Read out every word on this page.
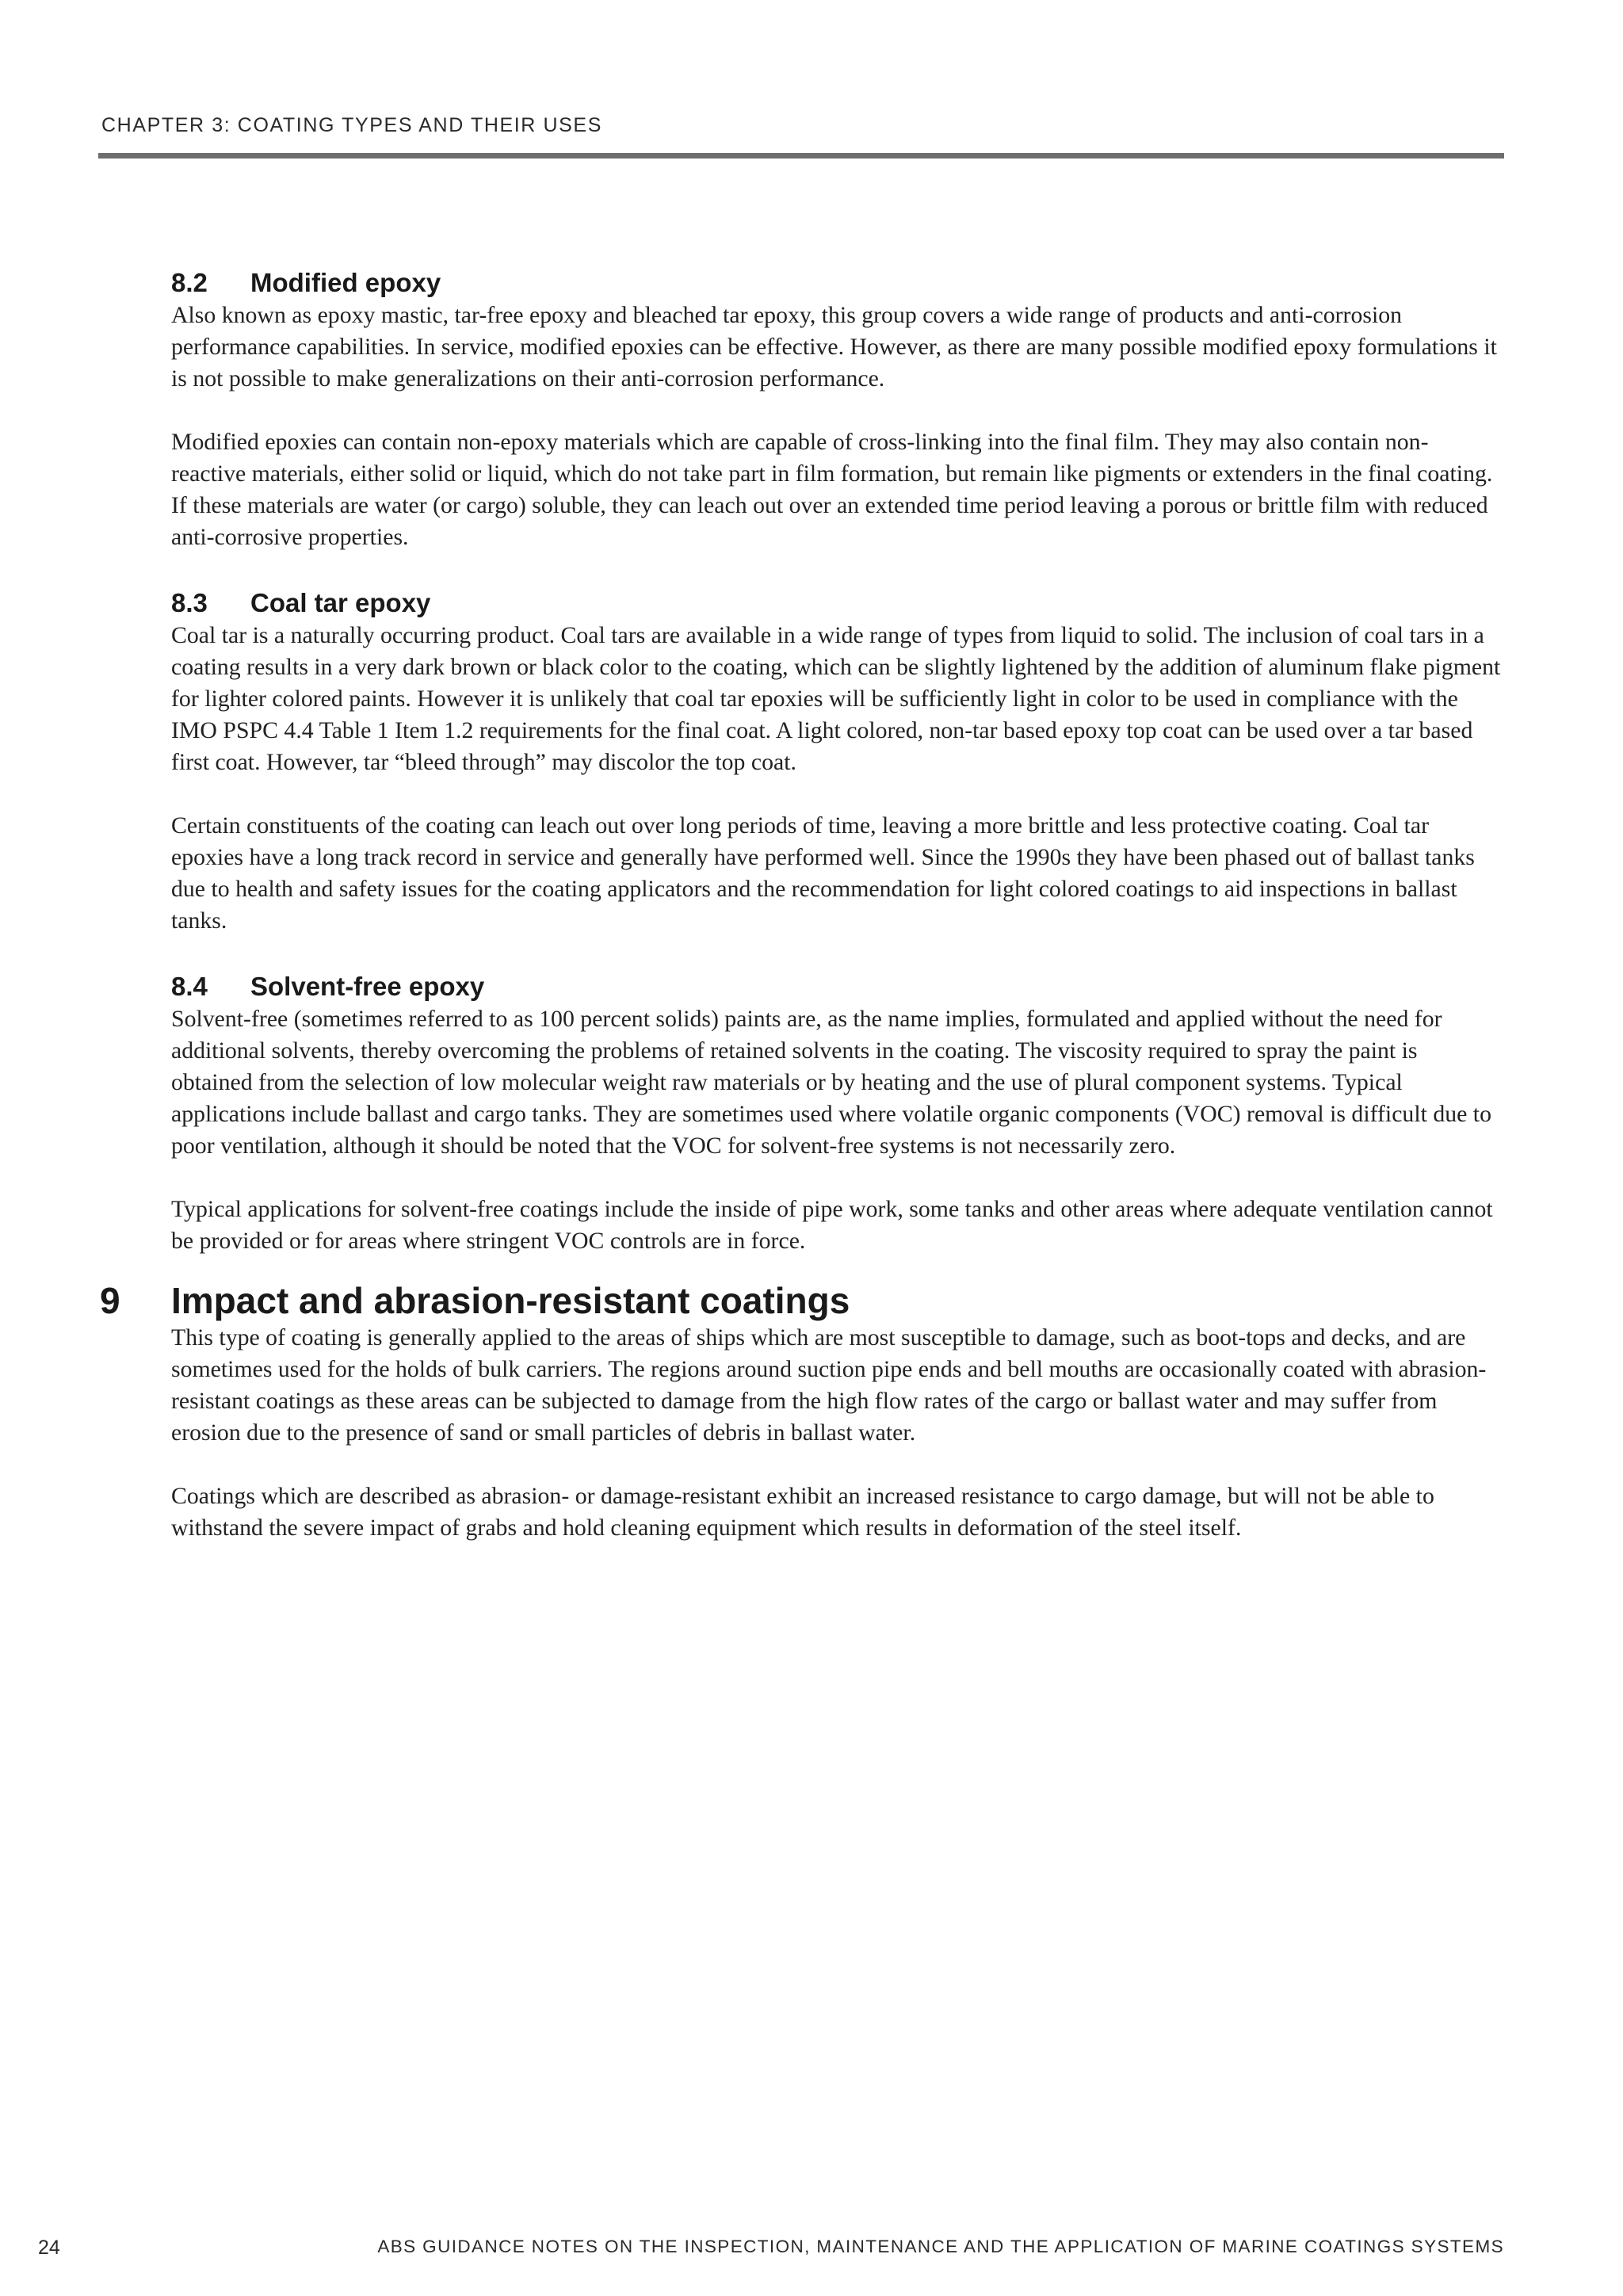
CHAPTER 3: COATING TYPES AND THEIR USES
8.2 Modified epoxy

Also known as epoxy mastic, tar-free epoxy and bleached tar epoxy, this group covers a wide range of products and anti-corrosion performance capabilities. In service, modified epoxies can be effective. However, as there are many possible modified epoxy formulations it is not possible to make generalizations on their anti-corrosion performance.

Modified epoxies can contain non-epoxy materials which are capable of cross-linking into the final film. They may also contain non-reactive materials, either solid or liquid, which do not take part in film formation, but remain like pigments or extenders in the final coating. If these materials are water (or cargo) soluble, they can leach out over an extended time period leaving a porous or brittle film with reduced anti-corrosive properties.

8.3 Coal tar epoxy

Coal tar is a naturally occurring product. Coal tars are available in a wide range of types from liquid to solid. The inclusion of coal tars in a coating results in a very dark brown or black color to the coating, which can be slightly lightened by the addition of aluminum flake pigment for lighter colored paints. However it is unlikely that coal tar epoxies will be sufficiently light in color to be used in compliance with the IMO PSPC 4.4 Table 1 Item 1.2 requirements for the final coat. A light colored, non-tar based epoxy top coat can be used over a tar based first coat. However, tar “bleed through” may discolor the top coat.

Certain constituents of the coating can leach out over long periods of time, leaving a more brittle and less protective coating. Coal tar epoxies have a long track record in service and generally have performed well. Since the 1990s they have been phased out of ballast tanks due to health and safety issues for the coating applicators and the recommendation for light colored coatings to aid inspections in ballast tanks.

8.4 Solvent-free epoxy

Solvent-free (sometimes referred to as 100 percent solids) paints are, as the name implies, formulated and applied without the need for additional solvents, thereby overcoming the problems of retained solvents in the coating. The viscosity required to spray the paint is obtained from the selection of low molecular weight raw materials or by heating and the use of plural component systems. Typical applications include ballast and cargo tanks. They are sometimes used where volatile organic components (VOC) removal is difficult due to poor ventilation, although it should be noted that the VOC for solvent-free systems is not necessarily zero.

Typical applications for solvent-free coatings include the inside of pipe work, some tanks and other areas where adequate ventilation cannot be provided or for areas where stringent VOC controls are in force.

9 Impact and abrasion-resistant coatings

This type of coating is generally applied to the areas of ships which are most susceptible to damage, such as boot-tops and decks, and are sometimes used for the holds of bulk carriers. The regions around suction pipe ends and bell mouths are occasionally coated with abrasion-resistant coatings as these areas can be subjected to damage from the high flow rates of the cargo or ballast water and may suffer from erosion due to the presence of sand or small particles of debris in ballast water.

Coatings which are described as abrasion- or damage-resistant exhibit an increased resistance to cargo damage, but will not be able to withstand the severe impact of grabs and hold cleaning equipment which results in deformation of the steel itself.

24	ABS GUIDANCE NOTES ON THE INSPECTION, MAINTENANCE AND THE APPLICATION OF MARINE COATINGS SYSTEMS
